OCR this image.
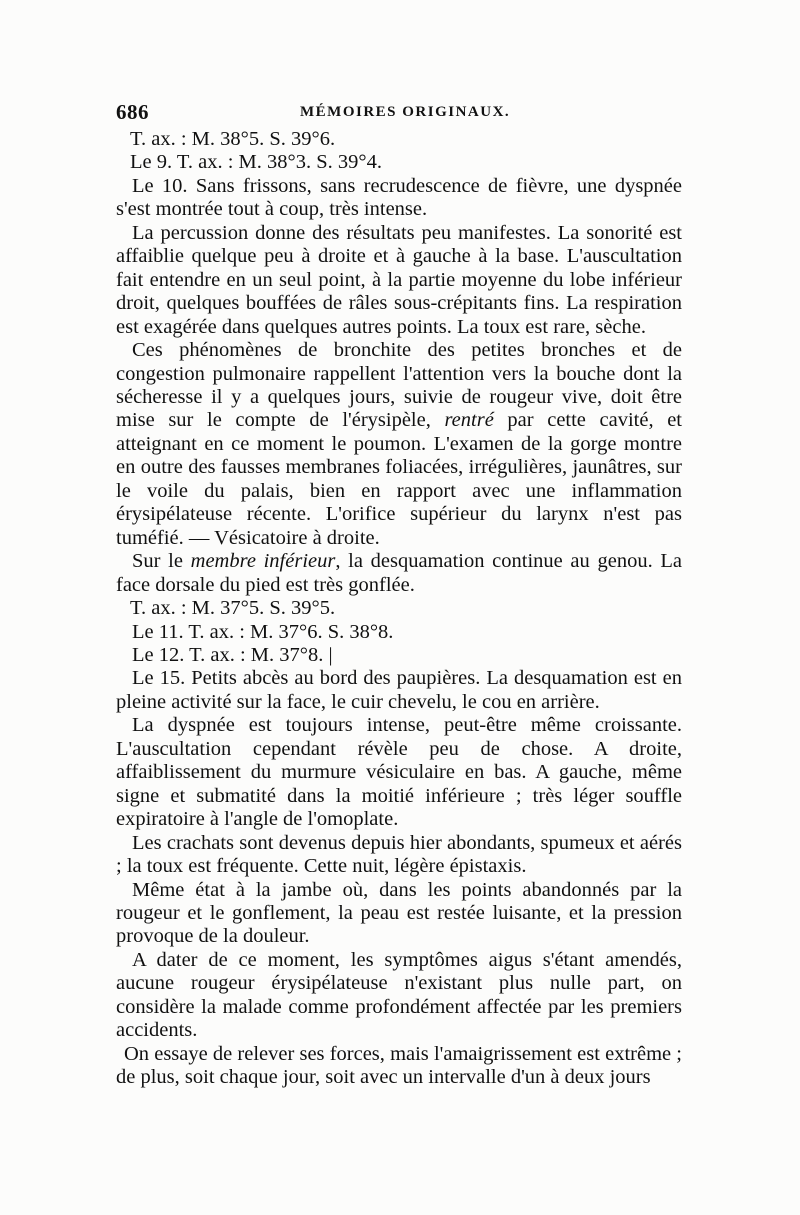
686	MÉMOIRES ORIGINAUX.

T. ax. : M. 38°5. S. 39°6.

Le 9. T. ax. : M. 38°3. S. 39°4.

Le 10. Sans frissons, sans recrudescence de fièvre, une dyspnée s'est montrée tout à coup, très intense.

La percussion donne des résultats peu manifestes. La sonorité est affaiblie quelque peu à droite et à gauche à la base. L'auscultation fait entendre en un seul point, à la partie moyenne du lobe inférieur droit, quelques bouffées de râles sous-crépitants fins. La respiration est exagérée dans quelques autres points. La toux est rare, sèche.

Ces phénomènes de bronchite des petites bronches et de congestion pulmonaire rappellent l'attention vers la bouche dont la sécheresse il y a quelques jours, suivie de rougeur vive, doit être mise sur le compte de l'érysipèle, rentré par cette cavité, et atteignant en ce moment le poumon. L'examen de la gorge montre en outre des fausses membranes foliacées, irrégulières, jaunâtres, sur le voile du palais, bien en rapport avec une inflammation érysipélateuse récente. L'orifice supérieur du larynx n'est pas tuméfié. — Vésicatoire à droite.

Sur le membre inférieur, la desquamation continue au genou. La face dorsale du pied est très gonflée.

T. ax. : M. 37°5. S. 39°5.

Le 11. T. ax. : M. 37°6. S. 38°8.

Le 12. T. ax. : M. 37°8. |

Le 15. Petits abcès au bord des paupières. La desquamation est en pleine activité sur la face, le cuir chevelu, le cou en arrière.

La dyspnée est toujours intense, peut-être même croissante. L'auscultation cependant révèle peu de chose. A droite, affaiblissement du murmure vésiculaire en bas. A gauche, même signe et submatité dans la moitié inférieure ; très léger souffle expiratoire à l'angle de l'omoplate.

Les crachats sont devenus depuis hier abondants, spumeux et aérés ; la toux est fréquente. Cette nuit, légère épistaxis.

Même état à la jambe où, dans les points abandonnés par la rougeur et le gonflement, la peau est restée luisante, et la pression provoque de la douleur.

A dater de ce moment, les symptômes aigus s'étant amendés, aucune rougeur érysipélateuse n'existant plus nulle part, on considère la malade comme profondément affectée par les premiers accidents.

On essaye de relever ses forces, mais l'amaigrissement est extrême ; de plus, soit chaque jour, soit avec un intervalle d'un à deux jours
